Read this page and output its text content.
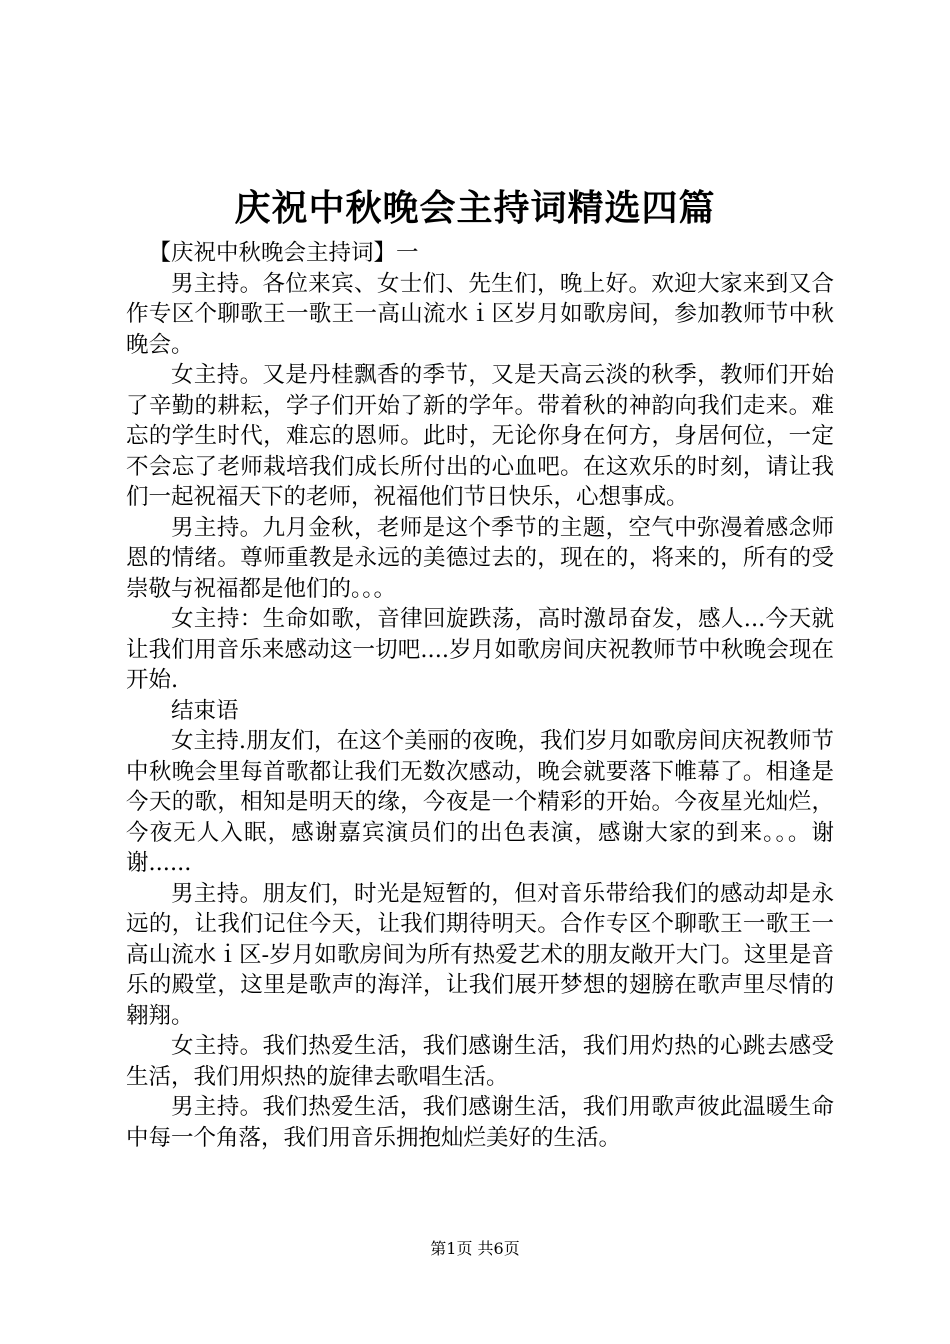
庆祝中秋晚会主持词精选四篇

【庆祝中秋晚会主持词】一

男主持。各位来宾、女士们、先生们，晚上好。欢迎大家来到又合作专区个聊歌王一歌王一高山流水ｉ区岁月如歌房间，参加教师节中秋晚会。

女主持。又是丹桂飘香的季节，又是天高云淡的秋季，教师们开始了辛勤的耕耘，学子们开始了新的学年。带着秋的神韵向我们走来。难忘的学生时代，难忘的恩师。此时，无论你身在何方，身居何位，一定不会忘了老师栽培我们成长所付出的心血吧。在这欢乐的时刻，请让我们一起祝福天下的老师，祝福他们节日快乐，心想事成。

男主持。九月金秋，老师是这个季节的主题，空气中弥漫着感念师恩的情绪。尊师重教是永远的美德过去的，现在的，将来的，所有的受崇敬与祝福都是他们的。。。

女主持：生命如歌，音律回旋跌荡，高时激昂奋发，感人...今天就让我们用音乐来感动这一切吧....岁月如歌房间庆祝教师节中秋晚会现在开始.

结束语

女主持.朋友们，在这个美丽的夜晚，我们岁月如歌房间庆祝教师节中秋晚会里每首歌都让我们无数次感动，晚会就要落下帷幕了。相逢是今天的歌，相知是明天的缘，今夜是一个精彩的开始。今夜星光灿烂，今夜无人入眠，感谢嘉宾演员们的出色表演，感谢大家的到来。。。谢谢......

男主持。朋友们，时光是短暂的，但对音乐带给我们的感动却是永远的，让我们记住今天，让我们期待明天。合作专区个聊歌王一歌王一高山流水ｉ区-岁月如歌房间为所有热爱艺术的朋友敞开大门。这里是音乐的殿堂，这里是歌声的海洋，让我们展开梦想的翅膀在歌声里尽情的翱翔。

女主持。我们热爱生活，我们感谢生活，我们用灼热的心跳去感受生活，我们用炽热的旋律去歌唱生活。

男主持。我们热爱生活，我们感谢生活，我们用歌声彼此温暖生命中每一个角落，我们用音乐拥抱灿烂美好的生活。

第1页 共6页
